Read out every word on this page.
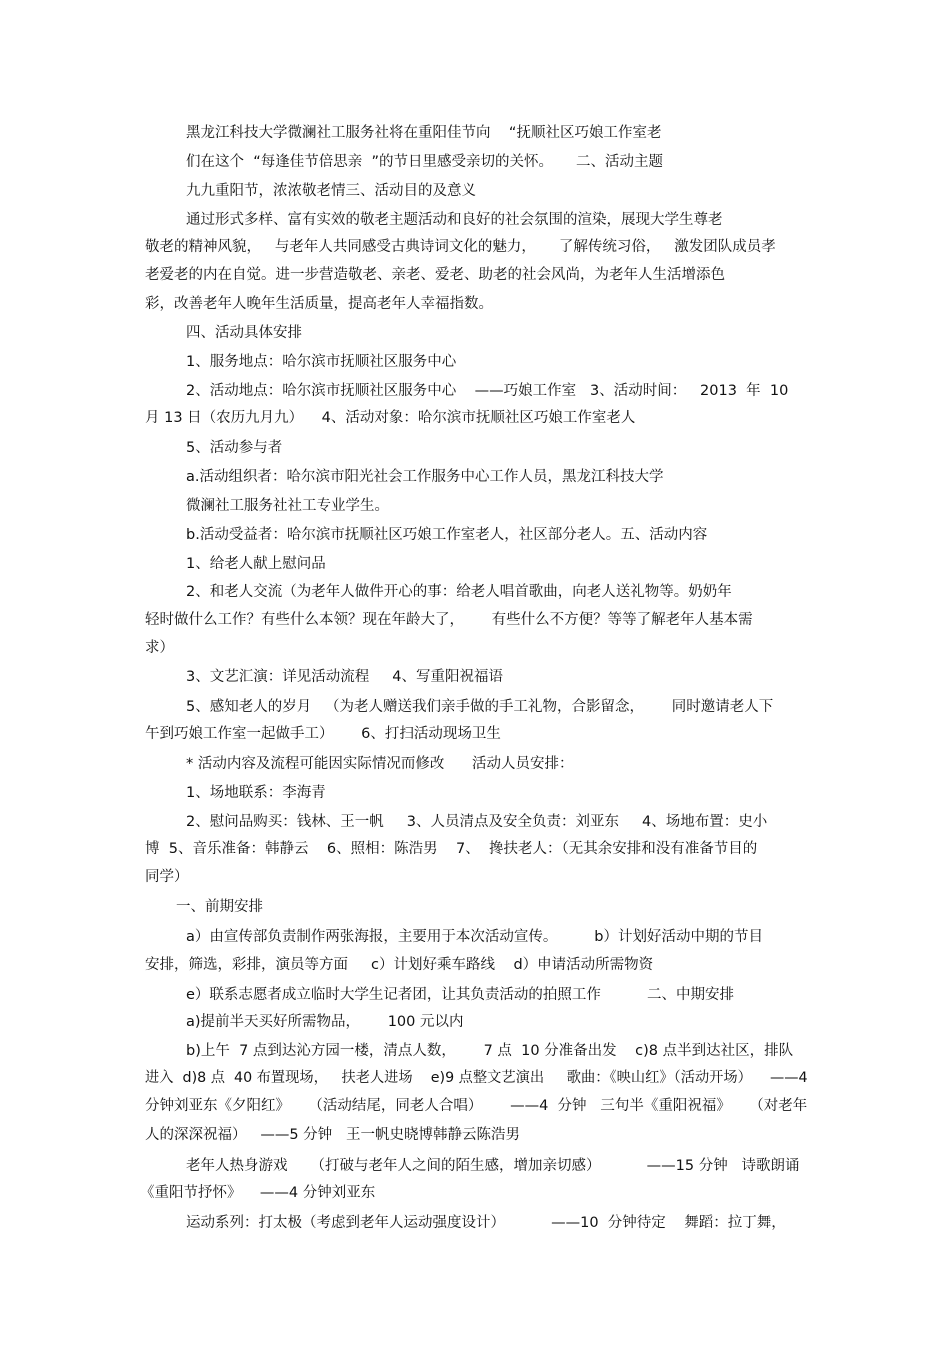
黑龙江科技大学微澜社工服务社将在重阳佳节向    “抚顺社区巧娘工作室老
们在这个  “每逢佳节倍思亲  ”的节日里感受亲切的关怀。     二、活动主题
九九重阳节，浓浓敬老情三、活动目的及意义
通过形式多样、富有实效的敬老主题活动和良好的社会氛围的渲染，展现大学生尊老
敬老的精神风貌，   与老年人共同感受古典诗词文化的魅力，     了解传统习俗，   激发团队成员孝
老爱老的内在自觉。进一步营造敬老、亲老、爱老、助老的社会风尚，为老年人生活增添色
彩，改善老年人晚年生活质量，提高老年人幸福指数。
四、活动具体安排
1、服务地点：哈尔滨市抚顺社区服务中心
2、活动地点：哈尔滨市抚顺社区服务中心    ——巧娘工作室   3、活动时间：   2013  年  10
月 13 日（农历九月九）    4、活动对象：哈尔滨市抚顺社区巧娘工作室老人
5、活动参与者
a.活动组织者：哈尔滨市阳光社会工作服务中心工作人员，黑龙江科技大学
微澜社工服务社社工专业学生。
b.活动受益者：哈尔滨市抚顺社区巧娘工作室老人，社区部分老人。五、活动内容
1、给老人献上慰问品
2、和老人交流（为老年人做件开心的事：给老人唱首歌曲，向老人送礼物等。奶奶年
轻时做什么工作？有些什么本领？现在年龄大了，      有些什么不方便？等等了解老年人基本需
求）
3、文艺汇演：详见活动流程     4、写重阳祝福语
5、感知老人的岁月   （为老人赠送我们亲手做的手工礼物，合影留念，      同时邀请老人下
午到巧娘工作室一起做手工）      6、打扫活动现场卫生
* 活动内容及流程可能因实际情况而修改      活动人员安排：
1、场地联系：李海青
2、慰问品购买：钱林、王一帆     3、人员清点及安全负责：刘亚东     4、场地布置：史小
博  5、音乐准备：韩静云    6、照相：陈浩男    7、  搀扶老人：（无其余安排和没有准备节目的
同学）
一、前期安排
a）由宣传部负责制作两张海报，主要用于本次活动宣传。        b）计划好活动中期的节目
安排，筛选，彩排，演员等方面     c）计划好乘车路线    d）申请活动所需物资
e）联系志愿者成立临时大学生记者团，让其负责活动的拍照工作          二、中期安排
a)提前半天买好所需物品，      100 元以内
b)上午  7 点到达沁方园一楼，清点人数，      7 点  10 分准备出发    c)8 点半到达社区，排队
进入  d)8 点  40 布置现场，   扶老人进场    e)9 点整文艺演出     歌曲：《映山红》（活动开场）    ——4
分钟刘亚东《夕阳红》    （活动结尾，同老人合唱）      ——4  分钟   三句半《重阳祝福》    （对老年
人的深深祝福）   ——5 分钟   王一帆史晓博韩静云陈浩男
老年人热身游戏     （打破与老年人之间的陌生感，增加亲切感）          ——15 分钟   诗歌朗诵
《重阳节抒怀》    ——4 分钟刘亚东
运动系列：打太极（考虑到老年人运动强度设计）          ——10  分钟待定    舞蹈：拉丁舞，
